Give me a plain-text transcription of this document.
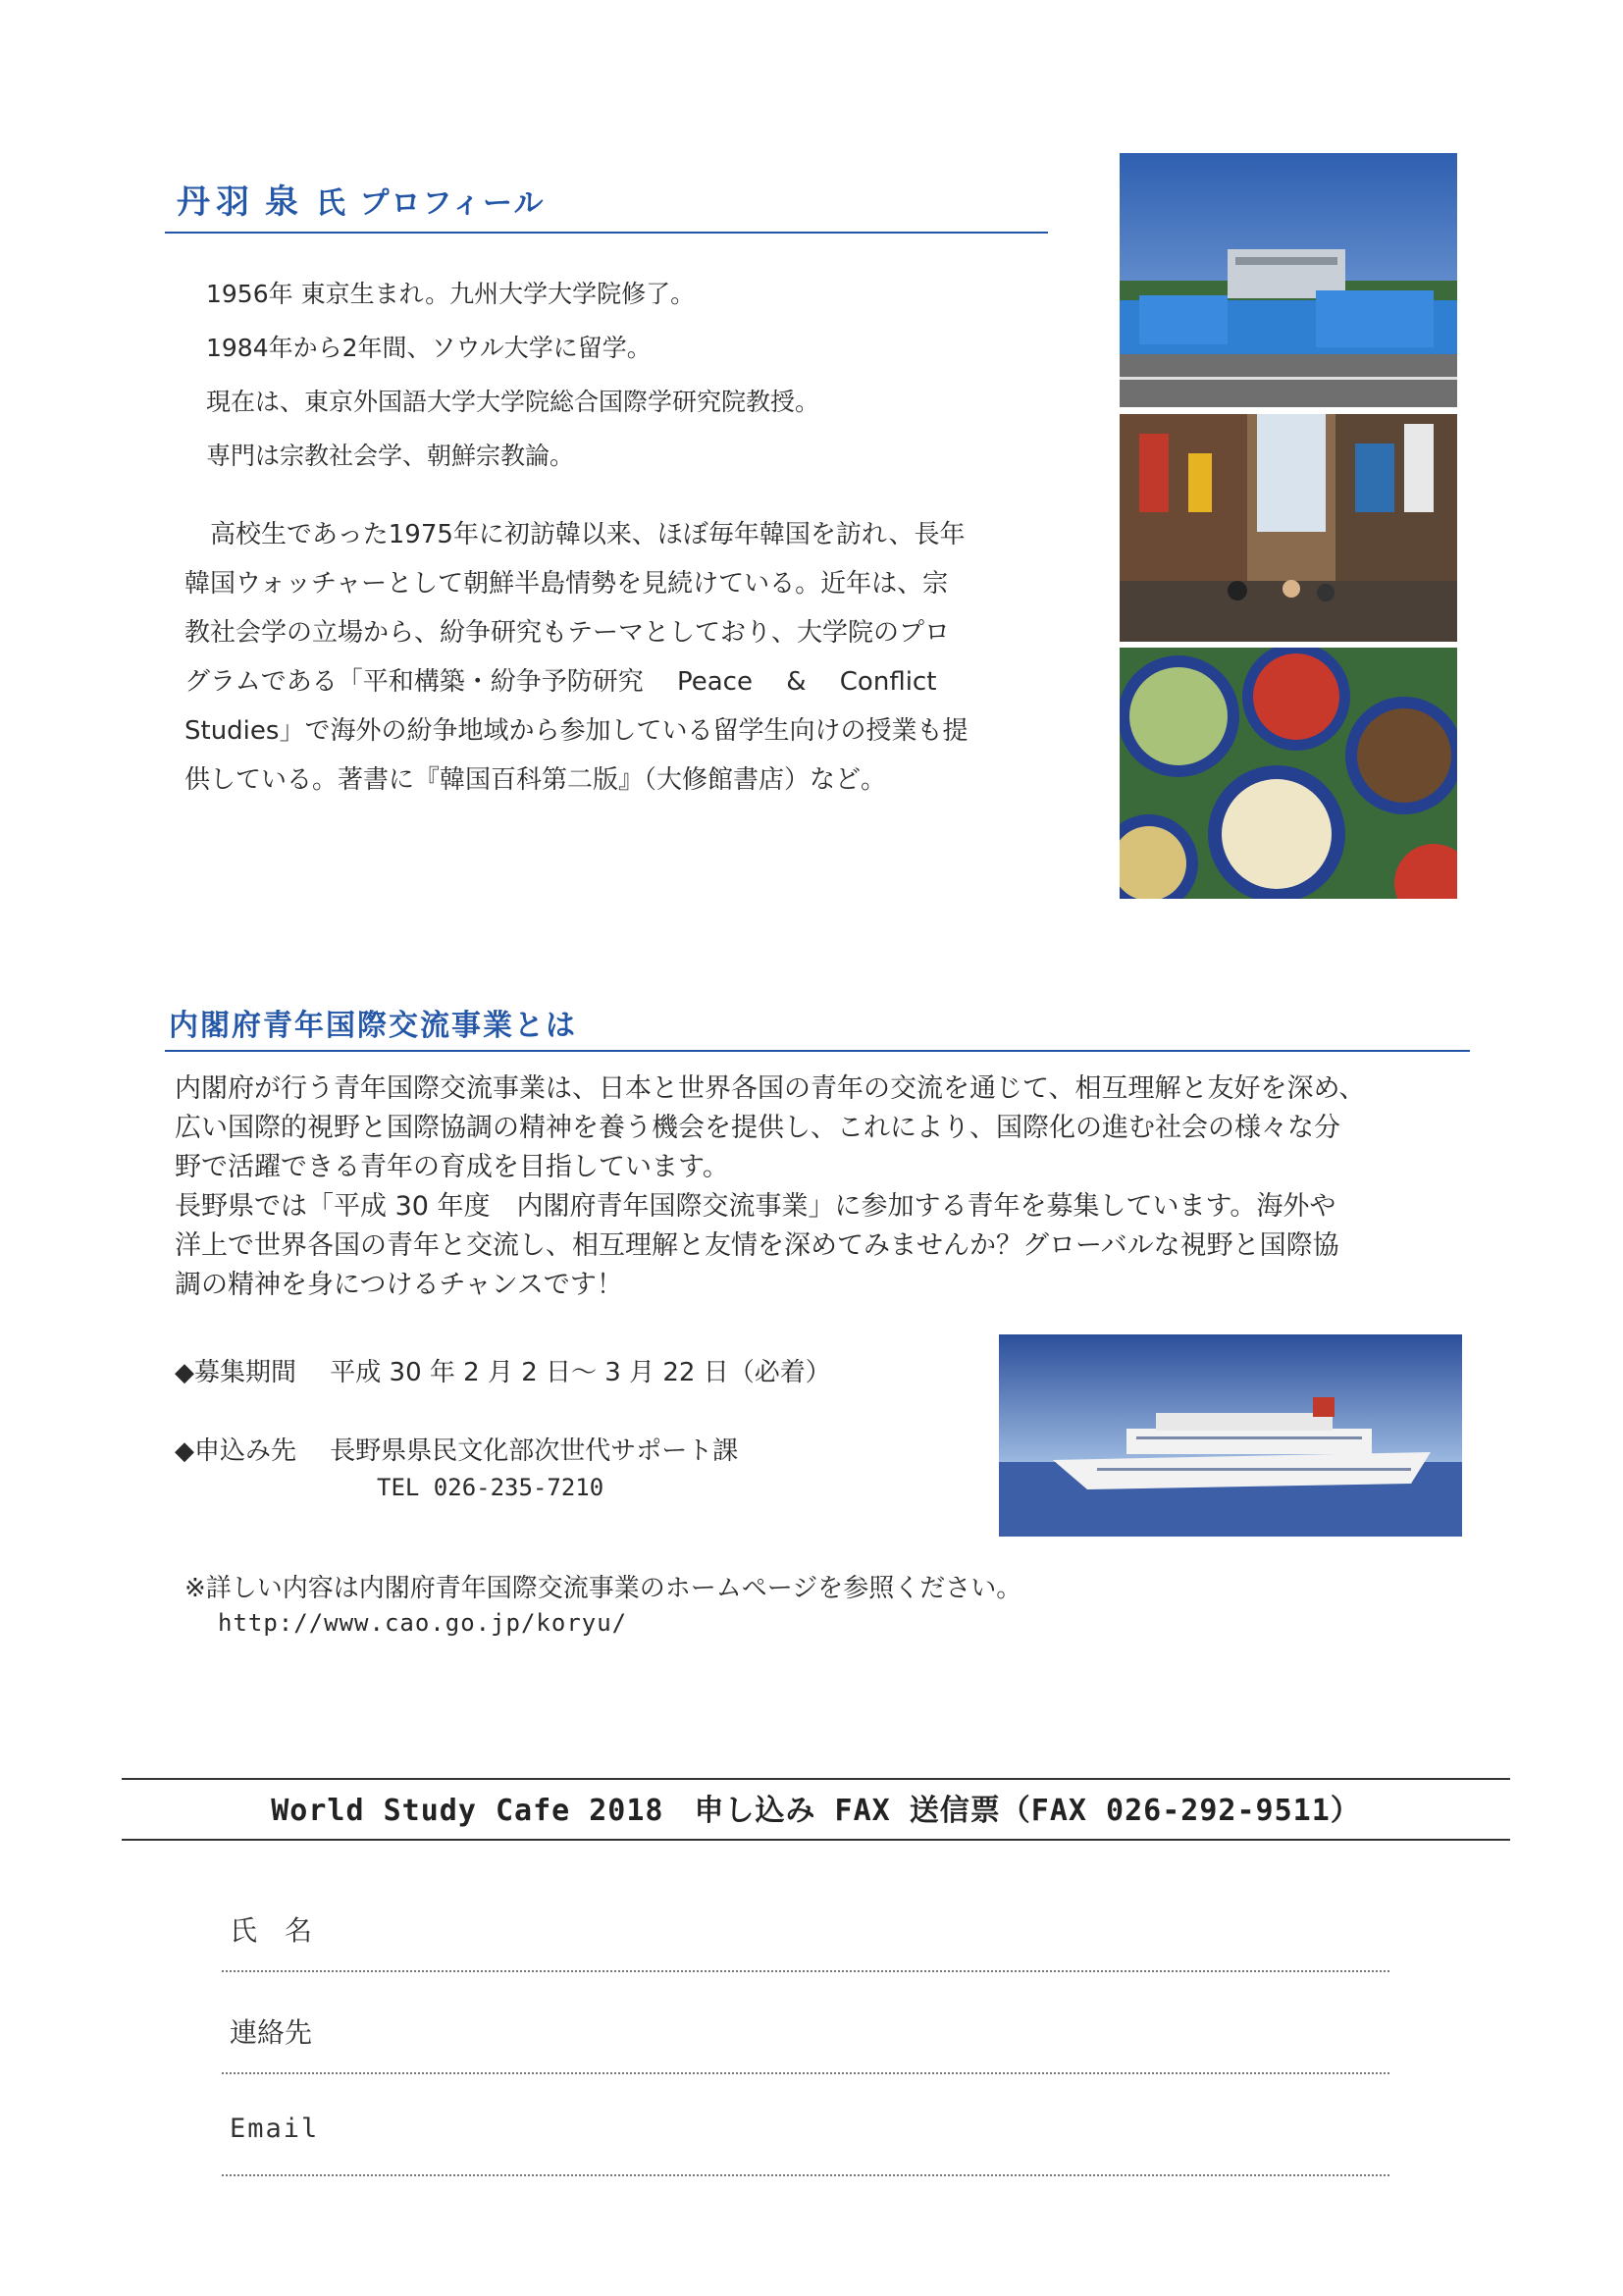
丹羽 泉 氏 プロフィール
1956年 東京生まれ。九州大学大学院修了。
1984年から2年間、ソウル大学に留学。
現在は、東京外国語大学大学院総合国際学研究院教授。
専門は宗教社会学、朝鮮宗教論。
　高校生であった1975年に初訪韓以来、ほぼ毎年韓国を訪れ、長年
韓国ウォッチャーとして朝鮮半島情勢を見続けている。近年は、宗
教社会学の立場から、紛争研究もテーマとしており、大学院のプロ
グラムである「平和構築・紛争予防研究　 Peace　 &　 Conflict
Studies」で海外の紛争地域から参加している留学生向けの授業も提
供している。著書に『韓国百科第二版』（大修館書店）など。
内閣府青年国際交流事業とは
内閣府が行う青年国際交流事業は、日本と世界各国の青年の交流を通じて、相互理解と友好を深め、
広い国際的視野と国際協調の精神を養う機会を提供し、これにより、国際化の進む社会の様々な分
野で活躍できる青年の育成を目指しています。
長野県では「平成 30 年度　内閣府青年国際交流事業」に参加する青年を募集しています。海外や
洋上で世界各国の青年と交流し、相互理解と友情を深めてみませんか？グローバルな視野と国際協
調の精神を身につけるチャンスです！
◆募集期間 平成 30 年 2 月 2 日～ 3 月 22 日（必着）
◆申込み先 長野県県民文化部次世代サポート課
TEL 026-235-7210
※詳しい内容は内閣府青年国際交流事業のホームページを参照ください。
http://www.cao.go.jp/koryu/
World Study Cafe 2018　申し込み FAX 送信票（FAX 026-292-9511）
氏　名
連絡先
Email
